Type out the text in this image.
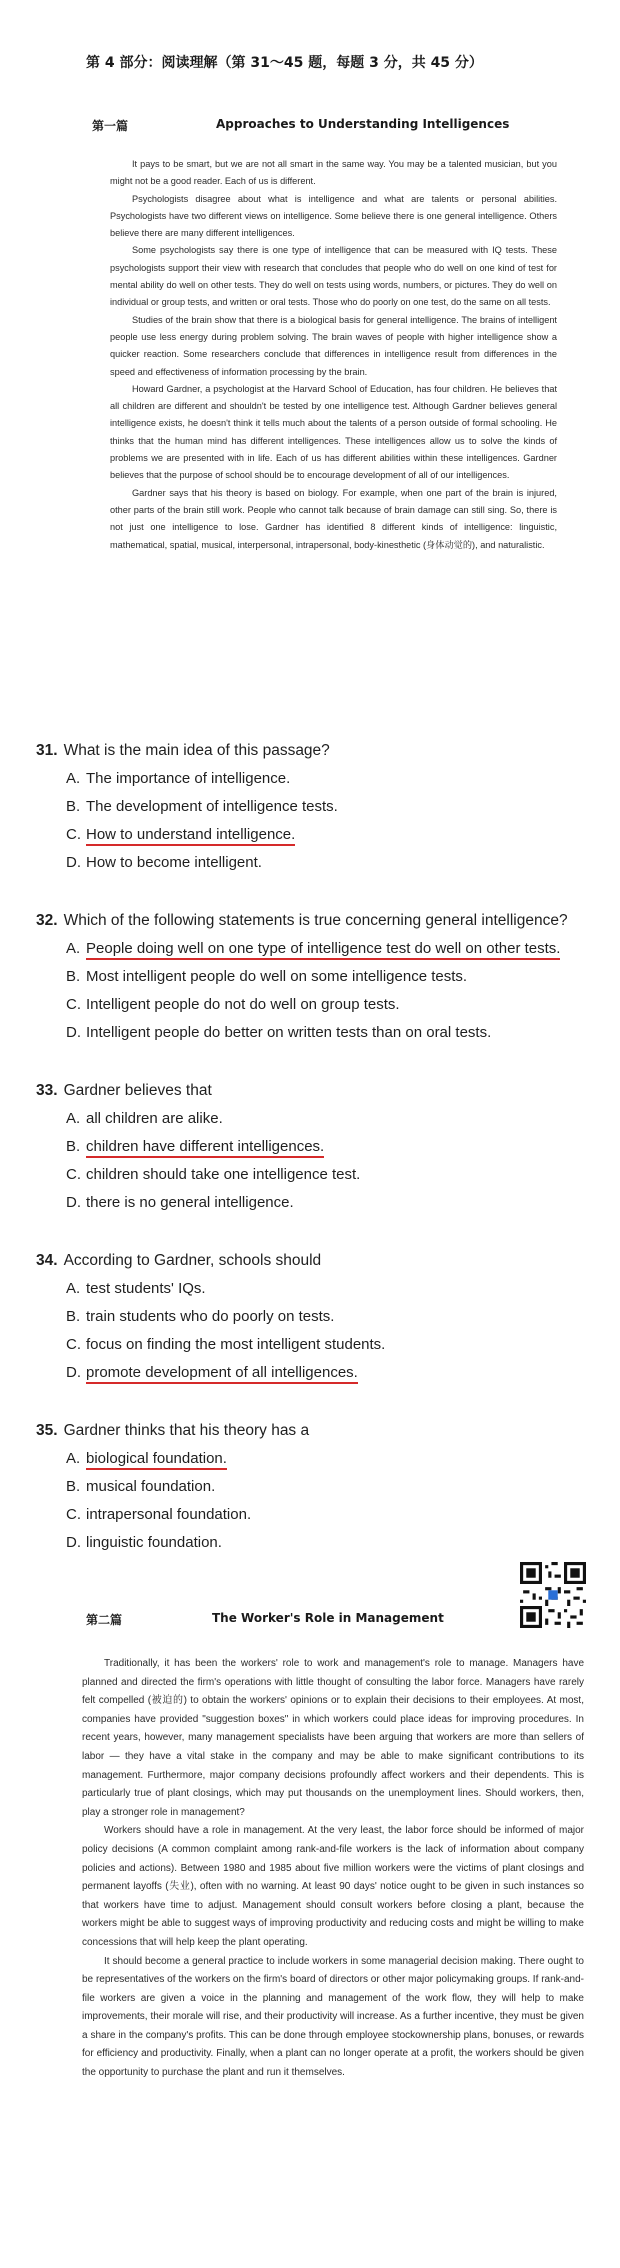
第 4 部分：阅读理解（第 31～45 题，每题 3 分，共 45 分）
第一篇	Approaches to Understanding Intelligences

It pays to be smart, but we are not all smart in the same way. You may be a talented musician, but you might not be a good reader. Each of us is different.

Psychologists disagree about what is intelligence and what are talents or personal abilities. Psychologists have two different views on intelligence. Some believe there is one general intelligence. Others believe there are many different intelligences.

Some psychologists say there is one type of intelligence that can be measured with IQ tests. These psychologists support their view with research that concludes that people who do well on one kind of test for mental ability do well on other tests. They do well on tests using words, numbers, or pictures. They do well on individual or group tests, and written or oral tests. Those who do poorly on one test, do the same on all tests.

Studies of the brain show that there is a biological basis for general intelligence. The brains of intelligent people use less energy during problem solving. The brain waves of people with higher intelligence show a quicker reaction. Some researchers conclude that differences in intelligence result from differences in the speed and effectiveness of information processing by the brain.

Howard Gardner, a psychologist at the Harvard School of Education, has four children. He believes that all children are different and shouldn't be tested by one intelligence test. Although Gardner believes general intelligence exists, he doesn't think it tells much about the talents of a person outside of formal schooling. He thinks that the human mind has different intelligences. These intelligences allow us to solve the kinds of problems we are presented with in life. Each of us has different abilities within these intelligences. Gardner believes that the purpose of school should be to encourage development of all of our intelligences.

Gardner says that his theory is based on biology. For example, when one part of the brain is injured, other parts of the brain still work. People who cannot talk because of brain damage can still sing. So, there is not just one intelligence to lose. Gardner has identified 8 different kinds of intelligence: linguistic, mathematical, spatial, musical, interpersonal, intrapersonal, body-kinesthetic (身体动觉的), and naturalistic.

31. What is the main idea of this passage?
A. The importance of intelligence.
B. The development of intelligence tests.
C. How to understand intelligence.
D. How to become intelligent.
32. Which of the following statements is true concerning general intelligence?
A. People doing well on one type of intelligence test do well on other tests.
B. Most intelligent people do well on some intelligence tests.
C. Intelligent people do not do well on group tests.
D. Intelligent people do better on written tests than on oral tests.
33. Gardner believes that
A. all children are alike.
B. children have different intelligences.
C. children should take one intelligence test.
D. there is no general intelligence.
34. According to Gardner, schools should
A. test students' IQs.
B. train students who do poorly on tests.
C. focus on finding the most intelligent students.
D. promote development of all intelligences.
35. Gardner thinks that his theory has a
A. biological foundation.
B. musical foundation.
C. intrapersonal foundation.
D. linguistic foundation.
第二篇	The Worker's Role in Management

Traditionally, it has been the workers' role to work and management's role to manage. Managers have planned and directed the firm's operations with little thought of consulting the labor force. Managers have rarely felt compelled (被迫的) to obtain the workers' opinions or to explain their decisions to their employees. At most, companies have provided "suggestion boxes" in which workers could place ideas for improving procedures. In recent years, however, many management specialists have been arguing that workers are more than sellers of labor — they have a vital stake in the company and may be able to make significant contributions to its management. Furthermore, major company decisions profoundly affect workers and their dependents. This is particularly true of plant closings, which may put thousands on the unemployment lines. Should workers, then, play a stronger role in management?

Workers should have a role in management. At the very least, the labor force should be informed of major policy decisions (A common complaint among rank-and-file workers is the lack of information about company policies and actions). Between 1980 and 1985 about five million workers were the victims of plant closings and permanent layoffs (失业), often with no warning. At least 90 days' notice ought to be given in such instances so that workers have time to adjust. Management should consult workers before closing a plant, because the workers might be able to suggest ways of improving productivity and reducing costs and might be willing to make concessions that will help keep the plant operating.

It should become a general practice to include workers in some managerial decision making. There ought to be representatives of the workers on the firm's board of directors or other major policymaking groups. If rank-and-file workers are given a voice in the planning and management of the work flow, they will help to make improvements, their morale will rise, and their productivity will increase. As a further incentive, they must be given a share in the company's profits. This can be done through employee stockownership plans, bonuses, or rewards for efficiency and productivity. Finally, when a plant can no longer operate at a profit, the workers should be given the opportunity to purchase the plant and run it themselves.
